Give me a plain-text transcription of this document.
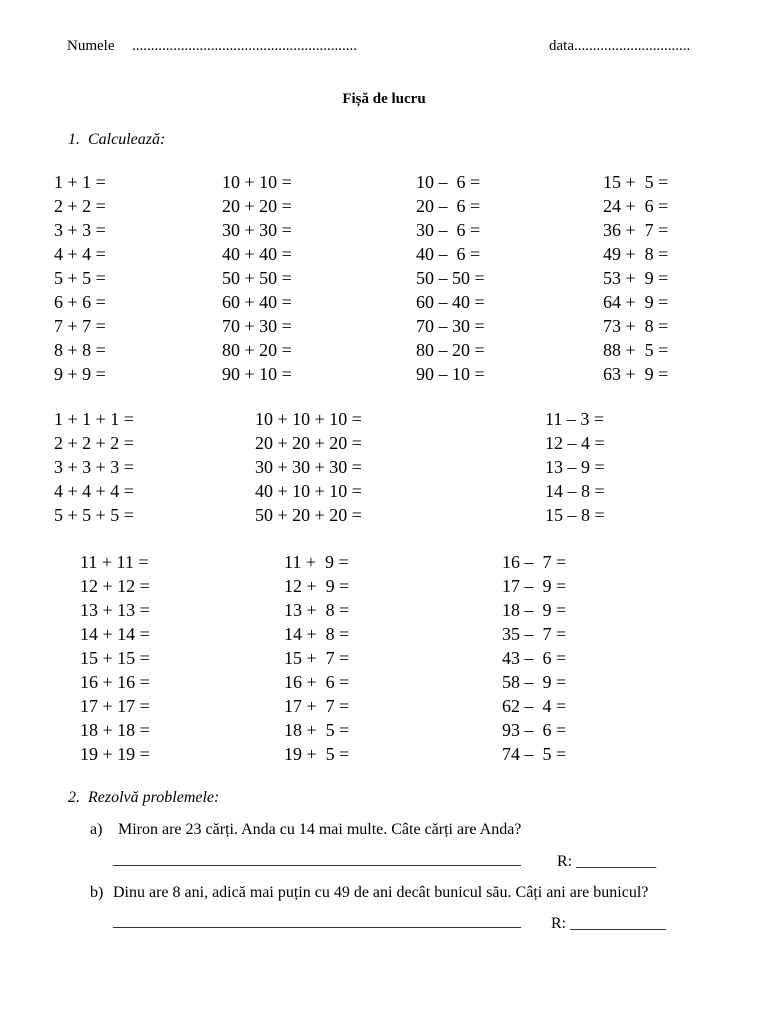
Numele ............................................................	data...............................
Fișă de lucru
1.  Calculează:
1 + 1 =
2 + 2 =
3 + 3 =
4 + 4 =
5 + 5 =
6 + 6 =
7 + 7 =
8 + 8 =
9 + 9 =
10 + 10 =
20 + 20 =
30 + 30 =
40 + 40 =
50 + 50 =
60 + 40 =
70 + 30 =
80 + 20 =
90 + 10 =
10 –  6 =
20 –  6 =
30 –  6 =
40 –  6 =
50 – 50 =
60 – 40 =
70 – 30 =
80 – 20 =
90 – 10 =
15 +  5 =
24 +  6 =
36 +  7 =
49 +  8 =
53 +  9 =
64 +  9 =
73 +  8 =
88 +  5 =
63 +  9 =
1 + 1 + 1 =
2 + 2 + 2 =
3 + 3 + 3 =
4 + 4 + 4 =
5 + 5 + 5 =
10 + 10 + 10 =
20 + 20 + 20 =
30 + 30 + 30 =
40 + 10 + 10 =
50 + 20 + 20 =
11 – 3 =
12 – 4 =
13 – 9 =
14 – 8 =
15 – 8 =
11 + 11 =
12 + 12 =
13 + 13 =
14 + 14 =
15 + 15 =
16 + 16 =
17 + 17 =
18 + 18 =
19 + 19 =
11 +  9 =
12 +  9 =
13 +  8 =
14 +  8 =
15 +  7 =
16 +  6 =
17 +  7 =
18 +  5 =
19 +  5 =
16 –  7 =
17 –  9 =
18 –  9 =
35 –  7 =
43 –  6 =
58 –  9 =
62 –  4 =
93 –  6 =
74 –  5 =
2.  Rezolvă problemele:
a) Miron are 23 cărți. Anda cu 14 mai multe. Câte cărți are Anda?
___________________________________________________ R: __________
b) Dinu are 8 ani, adică mai puțin cu 49 de ani decât bunicul său. Câți ani are bunicul?
___________________________________________________ R: ____________
